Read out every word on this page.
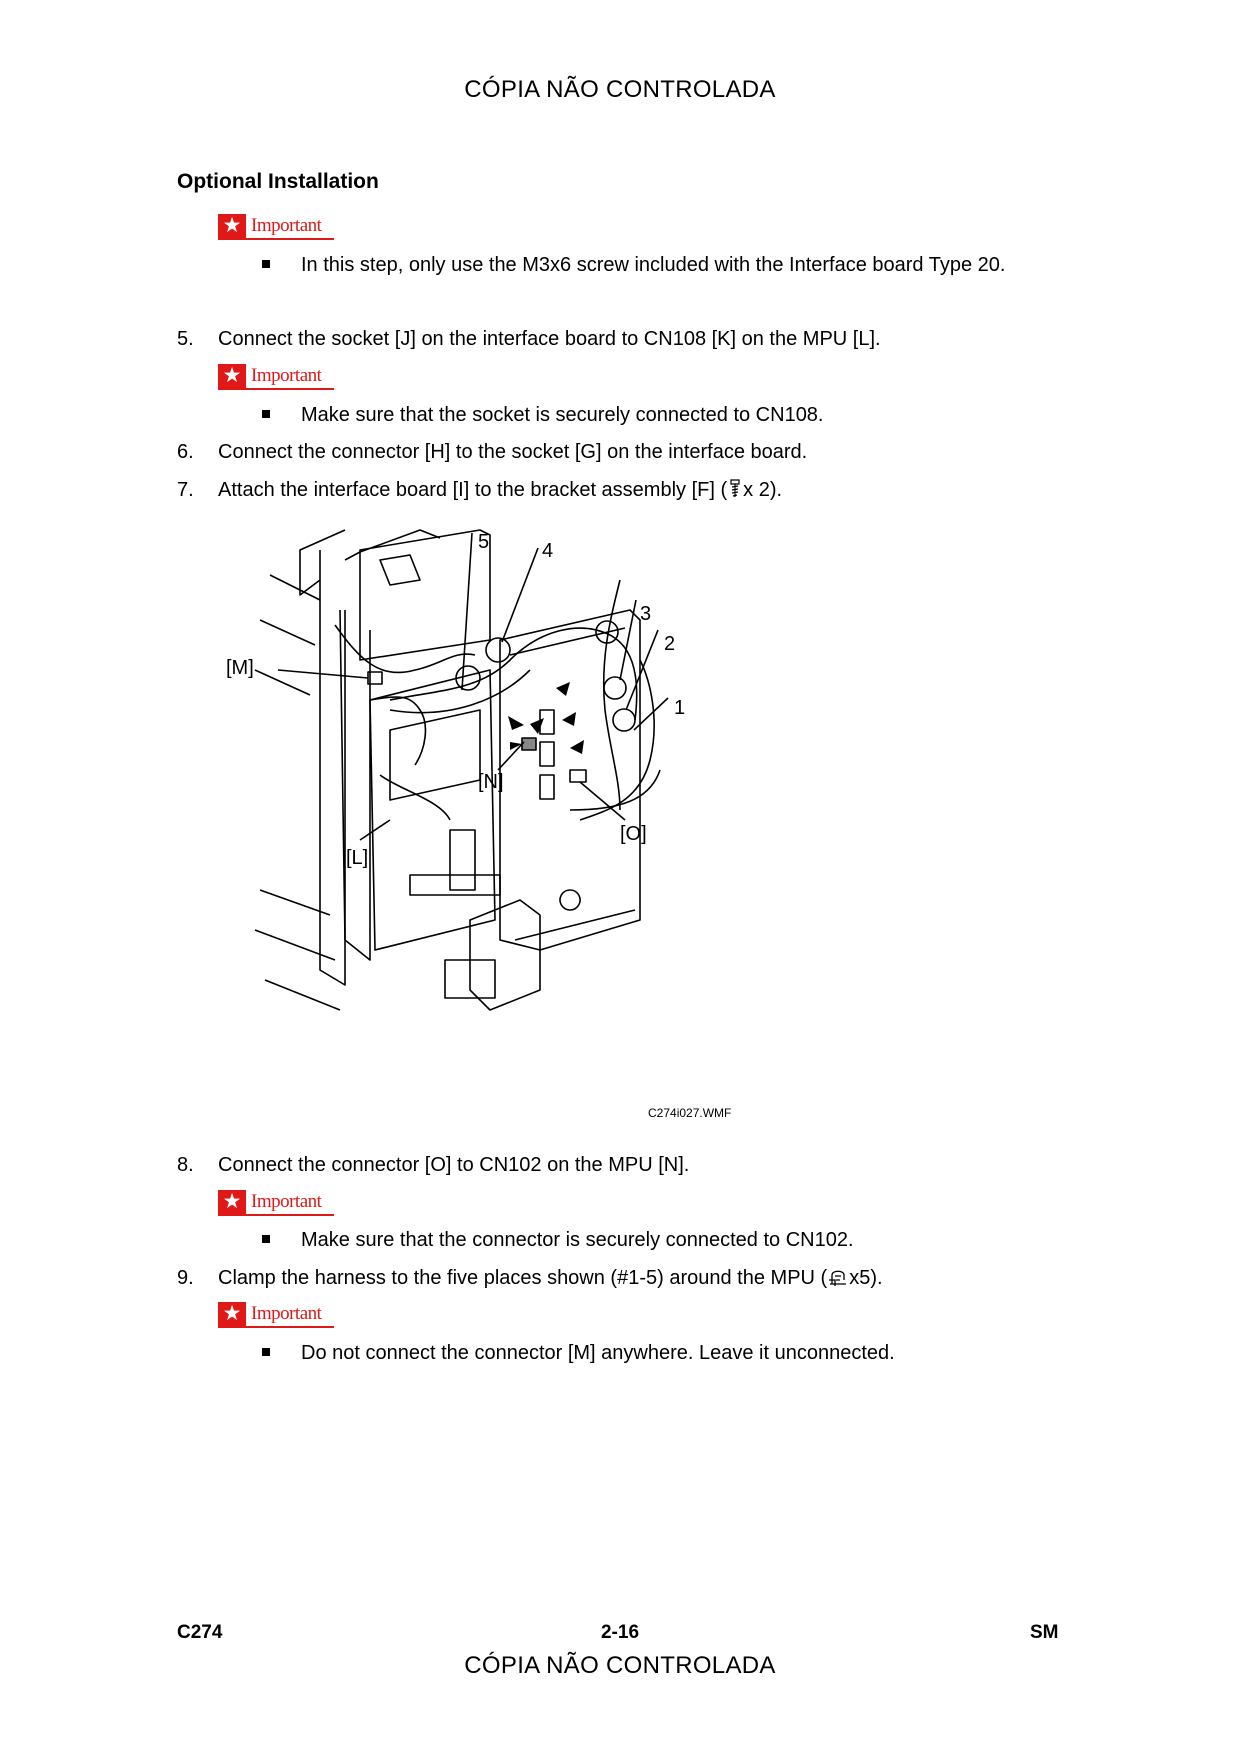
CÓPIA NÃO CONTROLADA
Optional Installation
★ Important
In this step, only use the M3x6 screw included with the Interface board Type 20.
5. Connect the socket [J] on the interface board to CN108 [K] on the MPU [L].
★ Important
Make sure that the socket is securely connected to CN108.
6. Connect the connector [H] to the socket [G] on the interface board.
7. Attach the interface board [I] to the bracket assembly [F] ( x 2).
5	4
3
2
1
[M]
[N]
[O]
[L]
C274i027.WMF
8. Connect the connector [O] to CN102 on the MPU [N].
★ Important
Make sure that the connector is securely connected to CN102.
9. Clamp the harness to the five places shown (#1-5) around the MPU ( x5).
★ Important
Do not connect the connector [M] anywhere. Leave it unconnected.
C274	2-16	SM
CÓPIA NÃO CONTROLADA
